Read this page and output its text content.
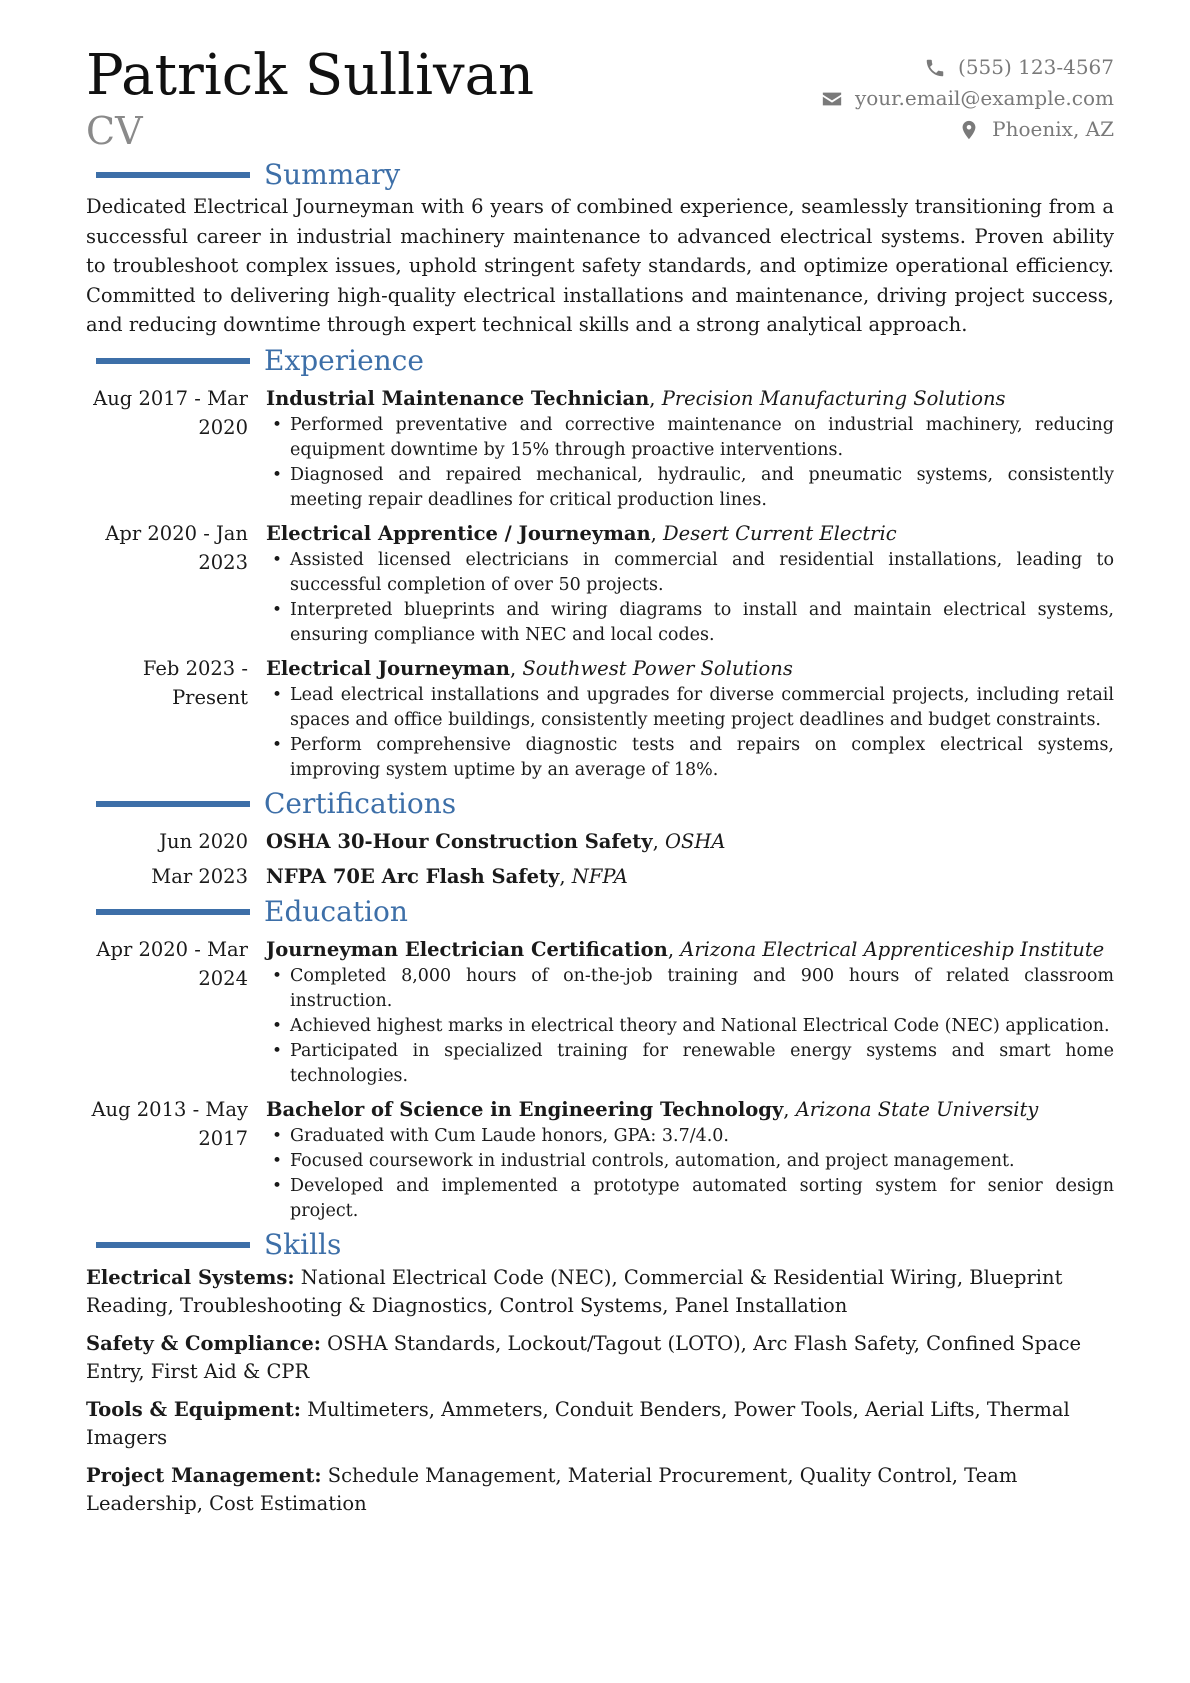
Patrick Sullivan
CV
(555) 123-4567
your.email@example.com
Phoenix, AZ
Summary
Dedicated Electrical Journeyman with 6 years of combined experience, seamlessly transitioning from a successful career in industrial machinery maintenance to advanced electrical systems. Proven ability to troubleshoot complex issues, uphold stringent safety standards, and optimize operational efficiency. Committed to delivering high-quality electrical installations and maintenance, driving project success, and reducing downtime through expert technical skills and a strong analytical approach.
Experience
Aug 2017 - Mar 2020
Industrial Maintenance Technician, Precision Manufacturing Solutions
• Performed preventative and corrective maintenance on industrial machinery, reducing equipment downtime by 15% through proactive interventions.
• Diagnosed and repaired mechanical, hydraulic, and pneumatic systems, consistently meeting repair deadlines for critical production lines.
Apr 2020 - Jan 2023
Electrical Apprentice / Journeyman, Desert Current Electric
• Assisted licensed electricians in commercial and residential installations, leading to successful completion of over 50 projects.
• Interpreted blueprints and wiring diagrams to install and maintain electrical systems, ensuring compliance with NEC and local codes.
Feb 2023 - Present
Electrical Journeyman, Southwest Power Solutions
• Lead electrical installations and upgrades for diverse commercial projects, including retail spaces and office buildings, consistently meeting project deadlines and budget constraints.
• Perform comprehensive diagnostic tests and repairs on complex electrical systems, improving system uptime by an average of 18%.
Certifications
Jun 2020 OSHA 30-Hour Construction Safety, OSHA
Mar 2023 NFPA 70E Arc Flash Safety, NFPA
Education
Apr 2020 - Mar 2024
Journeyman Electrician Certification, Arizona Electrical Apprenticeship Institute
• Completed 8,000 hours of on-the-job training and 900 hours of related classroom instruction.
• Achieved highest marks in electrical theory and National Electrical Code (NEC) application.
• Participated in specialized training for renewable energy systems and smart home technologies.
Aug 2013 - May 2017
Bachelor of Science in Engineering Technology, Arizona State University
• Graduated with Cum Laude honors, GPA: 3.7/4.0.
• Focused coursework in industrial controls, automation, and project management.
• Developed and implemented a prototype automated sorting system for senior design project.
Skills
Electrical Systems: National Electrical Code (NEC), Commercial & Residential Wiring, Blueprint Reading, Troubleshooting & Diagnostics, Control Systems, Panel Installation
Safety & Compliance: OSHA Standards, Lockout/Tagout (LOTO), Arc Flash Safety, Confined Space Entry, First Aid & CPR
Tools & Equipment: Multimeters, Ammeters, Conduit Benders, Power Tools, Aerial Lifts, Thermal Imagers
Project Management: Schedule Management, Material Procurement, Quality Control, Team Leadership, Cost Estimation
